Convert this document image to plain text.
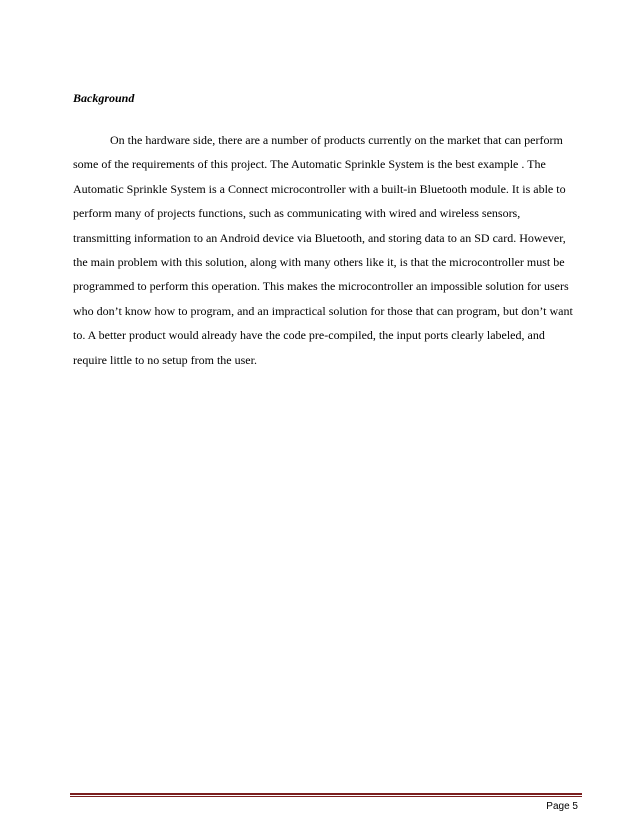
Background

On the hardware side, there are a number of products currently on the market that can perform
some of the requirements of this project. The Automatic Sprinkle System is the best example . The
Automatic Sprinkle System is a Connect microcontroller with a built-in Bluetooth module. It is able to
perform many of projects functions, such as communicating with wired and wireless sensors,
transmitting information to an Android device via Bluetooth, and storing data to an SD card. However,
the main problem with this solution, along with many others like it, is that the microcontroller must be
programmed to perform this operation. This makes the microcontroller an impossible solution for users
who don’t know how to program, and an impractical solution for those that can program, but don’t want
to. A better product would already have the code pre-compiled, the input ports clearly labeled, and
require little to no setup from the user.

Page 5
